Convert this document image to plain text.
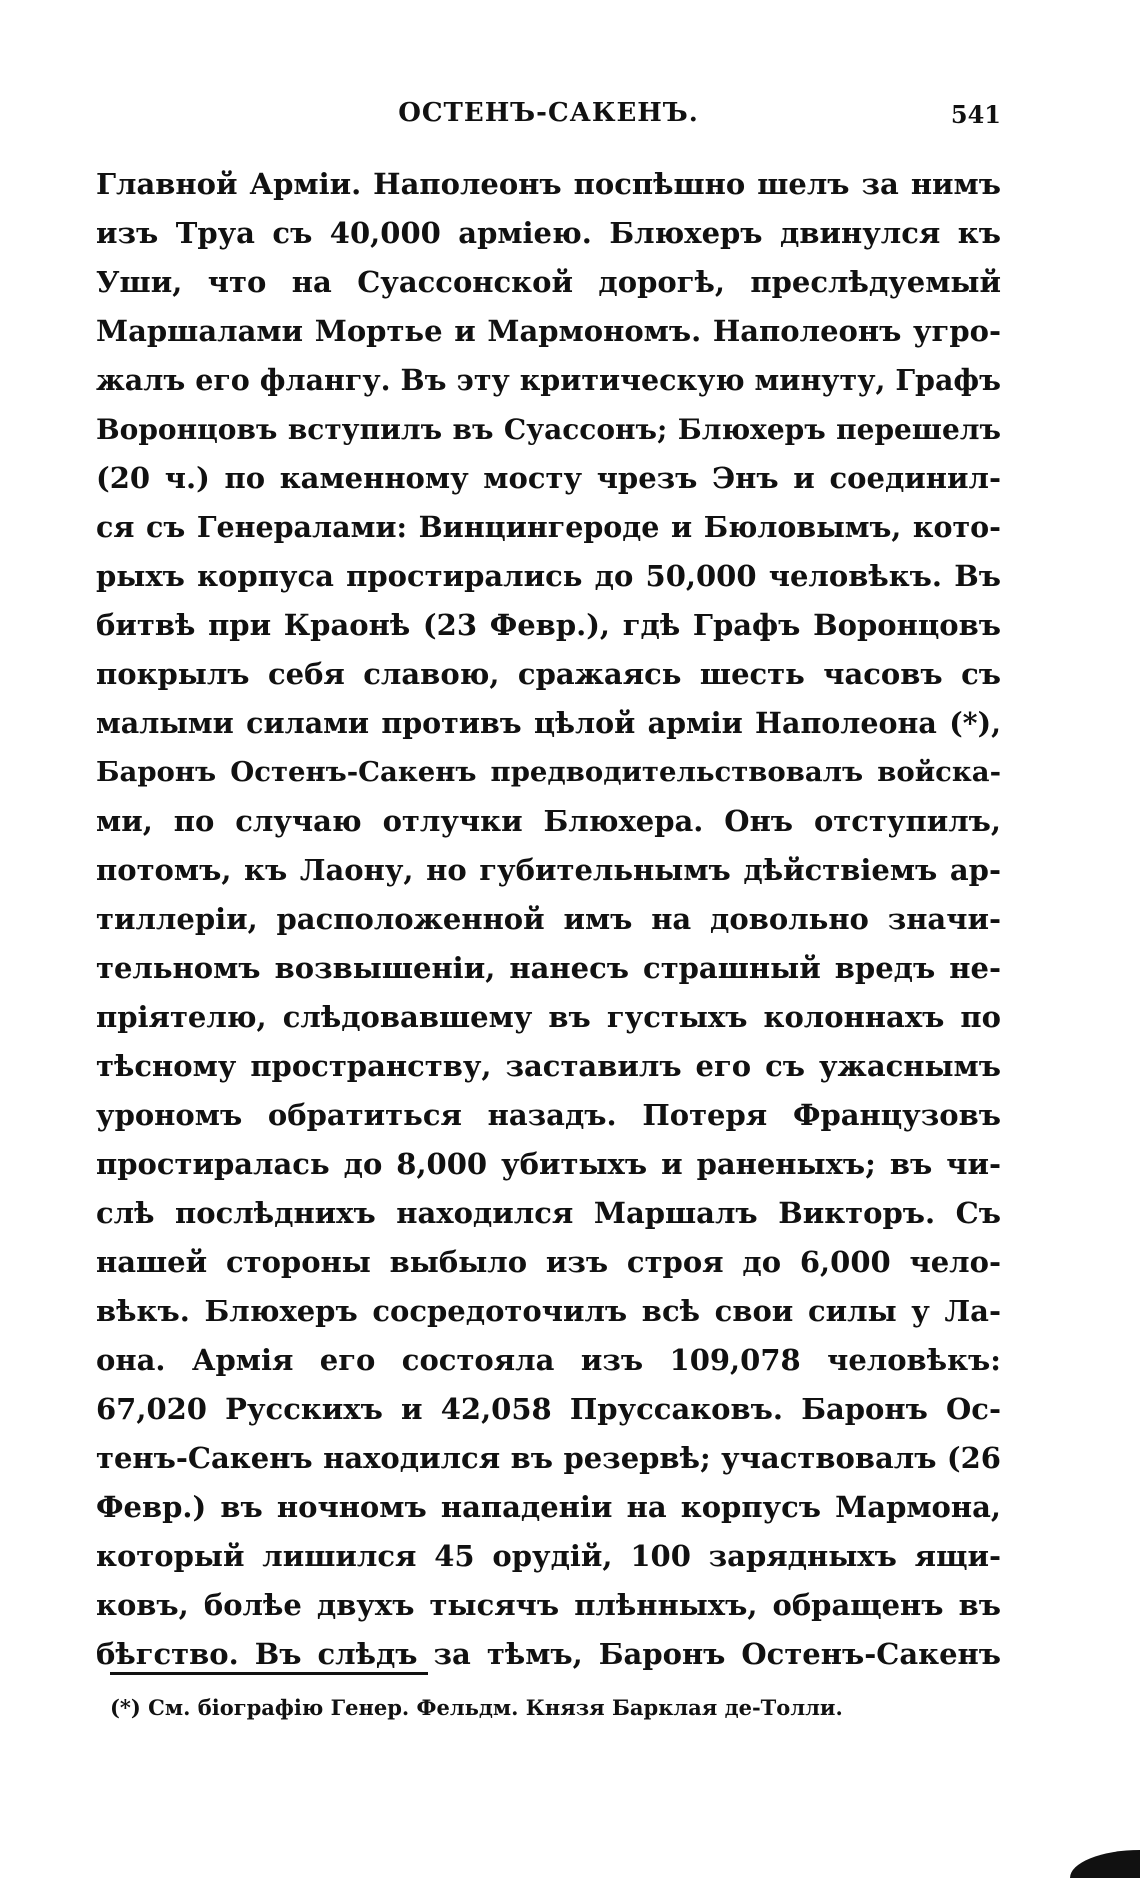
ОСТЕНЪ-САКЕНЪ.	541
Главной Арміи. Наполеонъ поспѣшно шелъ за нимъ
изъ Труа съ 40,000 арміею. Блюхеръ двинулся къ
Уши, что на Суассонской дорогѣ, преслѣдуемый
Маршалами Мортье и Мармономъ. Наполеонъ угро-
жалъ его флангу. Въ эту критическую минуту, Графъ
Воронцовъ вступилъ въ Суассонъ; Блюхеръ перешелъ
(20 ч.) по каменному мосту чрезъ Энъ и соединил-
ся съ Генералами: Винцингероде и Бюловымъ, кото-
рыхъ корпуса простирались до 50,000 человѣкъ. Въ
битвѣ при Краонѣ (23 Февр.), гдѣ Графъ Воронцовъ
покрылъ себя славою, сражаясь шесть часовъ съ
малыми силами противъ цѣлой арміи Наполеона (*),
Баронъ Остенъ-Сакенъ предводительствовалъ войска-
ми, по случаю отлучки Блюхера. Онъ отступилъ,
потомъ, къ Лаону, но губительнымъ дѣйствіемъ ар-
тиллеріи, расположенной имъ на довольно значи-
тельномъ возвышеніи, нанесъ страшный вредъ не-
пріятелю, слѣдовавшему въ густыхъ колоннахъ по
тѣсному пространству, заставилъ его съ ужаснымъ
урономъ обратиться назадъ. Потеря Французовъ
простиралась до 8,000 убитыхъ и раненыхъ; въ чи-
слѣ послѣднихъ находился Маршалъ Викторъ. Съ
нашей стороны выбыло изъ строя до 6,000 чело-
вѣкъ. Блюхеръ сосредоточилъ всѣ свои силы у Ла-
она. Армія его состояла изъ 109,078 человѣкъ:
67,020 Русскихъ и 42,058 Пруссаковъ. Баронъ Ос-
тенъ-Сакенъ находился въ резервѣ; участвовалъ (26
Февр.) въ ночномъ нападеніи на корпусъ Мармона,
который лишился 45 орудій, 100 зарядныхъ ящи-
ковъ, болѣе двухъ тысячъ плѣнныхъ, обращенъ въ
бѣгство. Въ слѣдъ за тѣмъ, Баронъ Остенъ-Сакенъ
(*) См. біографію Генер. Фельдм. Князя Барклая де-Толли.
